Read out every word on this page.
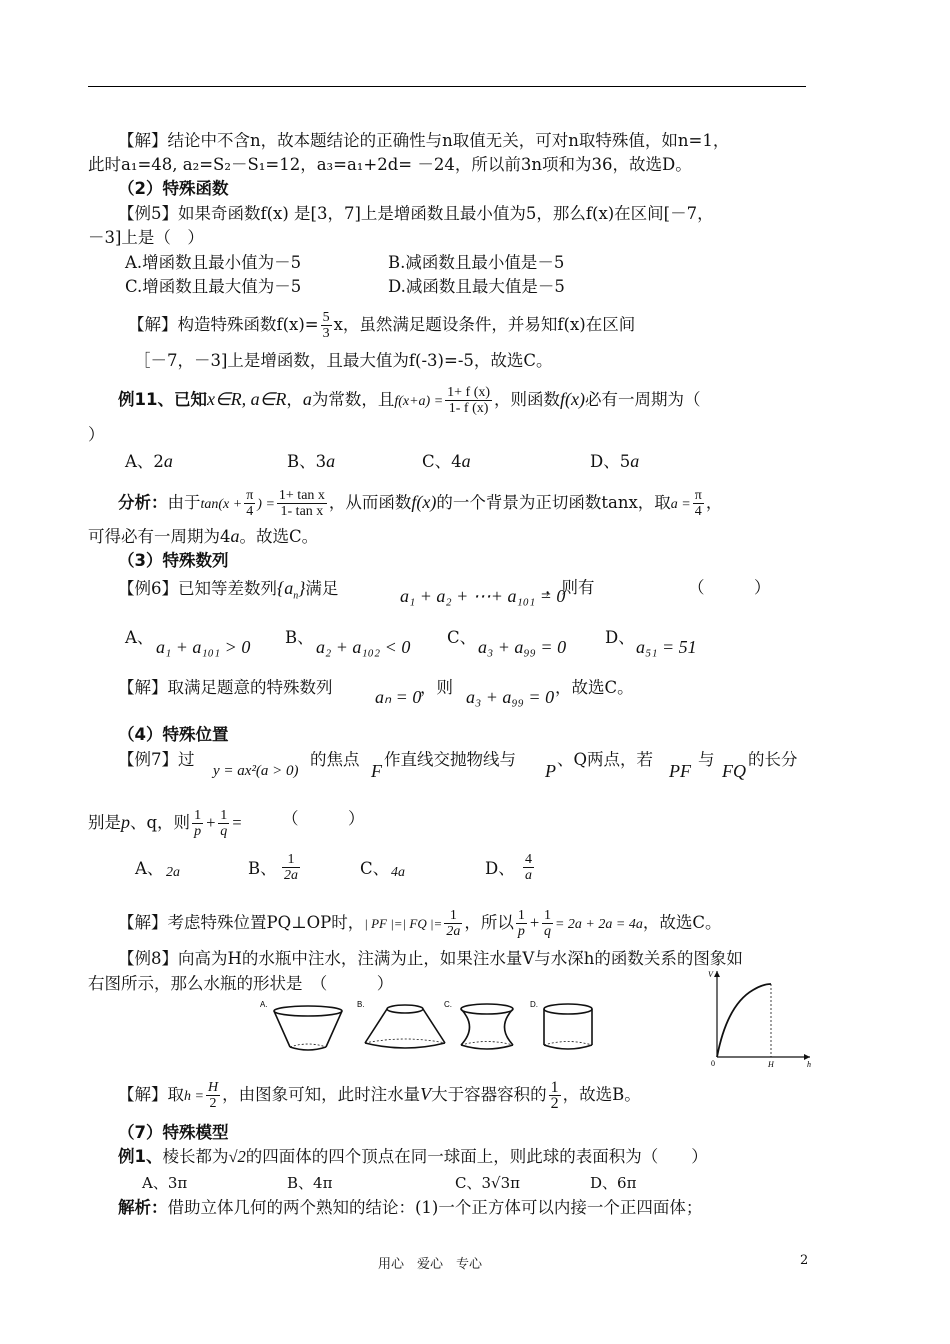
【解】结论中不含n，故本题结论的正确性与n取值无关，可对n取特殊值，如n=1，
此时a₁=48, a₂=S₂－S₁=12，a₃=a₁+2d= －24，所以前3n项和为36，故选D。
（2）特殊函数
【例5】如果奇函数f(x) 是[3，7]上是增函数且最小值为5，那么f(x)在区间[－7，
－3]上是（　）
A.增函数且最小值为－5	B.减函数且最小值是－5
C.增函数且最大值为－5	D.减函数且最大值是－5
【解】构造特殊函数$f(x)= \frac{5}{3}$ x，虽然满足题设条件，并易知f(x)在区间
［－7，－3]上是增函数，且最大值为f(-3)=-5，故选C。
例11、已知x∈R, a∈R，a为常数，且$f(x+a) = \frac{1+ f (x)}{1- f (x)}$ ，则函数f(x)必有一周期为（
）
A、2a	B、3a	C、4a	D、5a
分析：由于$\tan(x + \frac{\pi}{4}$ ) = $\frac{\text{1+ tan x}}{\text{1- tan x}}$ ，从而函数f(x)的一个背景为正切函数tanx，取$a = \frac{\pi}{4}$ ，
可得必有一周期为4a。故选C。
（3）特殊数列
【例6】已知等差数列$\{a_n\}$满足	a₁ + a₂ + ⋯+ a₁₀₁ = 0
，则有	（　　　）
A、 a₁ + a₁₀₁ > 0 B、 a₂ + a₁₀₂ < 0 C、 a₃ + a₉₉ = 0 D、 a₅₁ = 51
【解】取满足题意的特殊数列 aₙ = 0
，则 a₃ + a₉₉ = 0 ，故选C。
（4）特殊位置
【例7】过
y = ax²(a > 0)
的焦点
F
作直线交抛物线与
P
、Q两点，若
PF
与
FQ
的长分
别是p、q，则 $\frac{1}{p} + \frac{1}{q}$ = （　　　）
A、 2a	B、 $\frac{1}{2a}$	C、 4a	D、 $\frac{4}{a}$
【解】考虑特殊位置PQ⊥OP时，| PF |=| FQ |= $\frac{1}{2a}$ ，所以 $\frac{1}{p} + \frac{1}{q} = 2a + 2a = 4a$，故选C。
【例8】向高为H的水瓶中注水，注满为止，如果注水量V与水深h的函数关系的图象如
右图所示，那么水瓶的形状是　（　　　）
A.	B.	C.	D.
V
0	H	h
【解】取$h = \frac{H}{2}$ ，由图象可知，此时注水量V大于容器容积的 $\frac{1}{2}$ ，故选B。
（7）特殊模型
例1、棱长都为√2的四面体的四个顶点在同一球面上，则此球的表面积为（　　）
A、3π	B、4π	C、3√3π	D、6π
解析：借助立体几何的两个熟知的结论：(1)一个正方体可以内接一个正四面体；
用心　爱心　专心	2
